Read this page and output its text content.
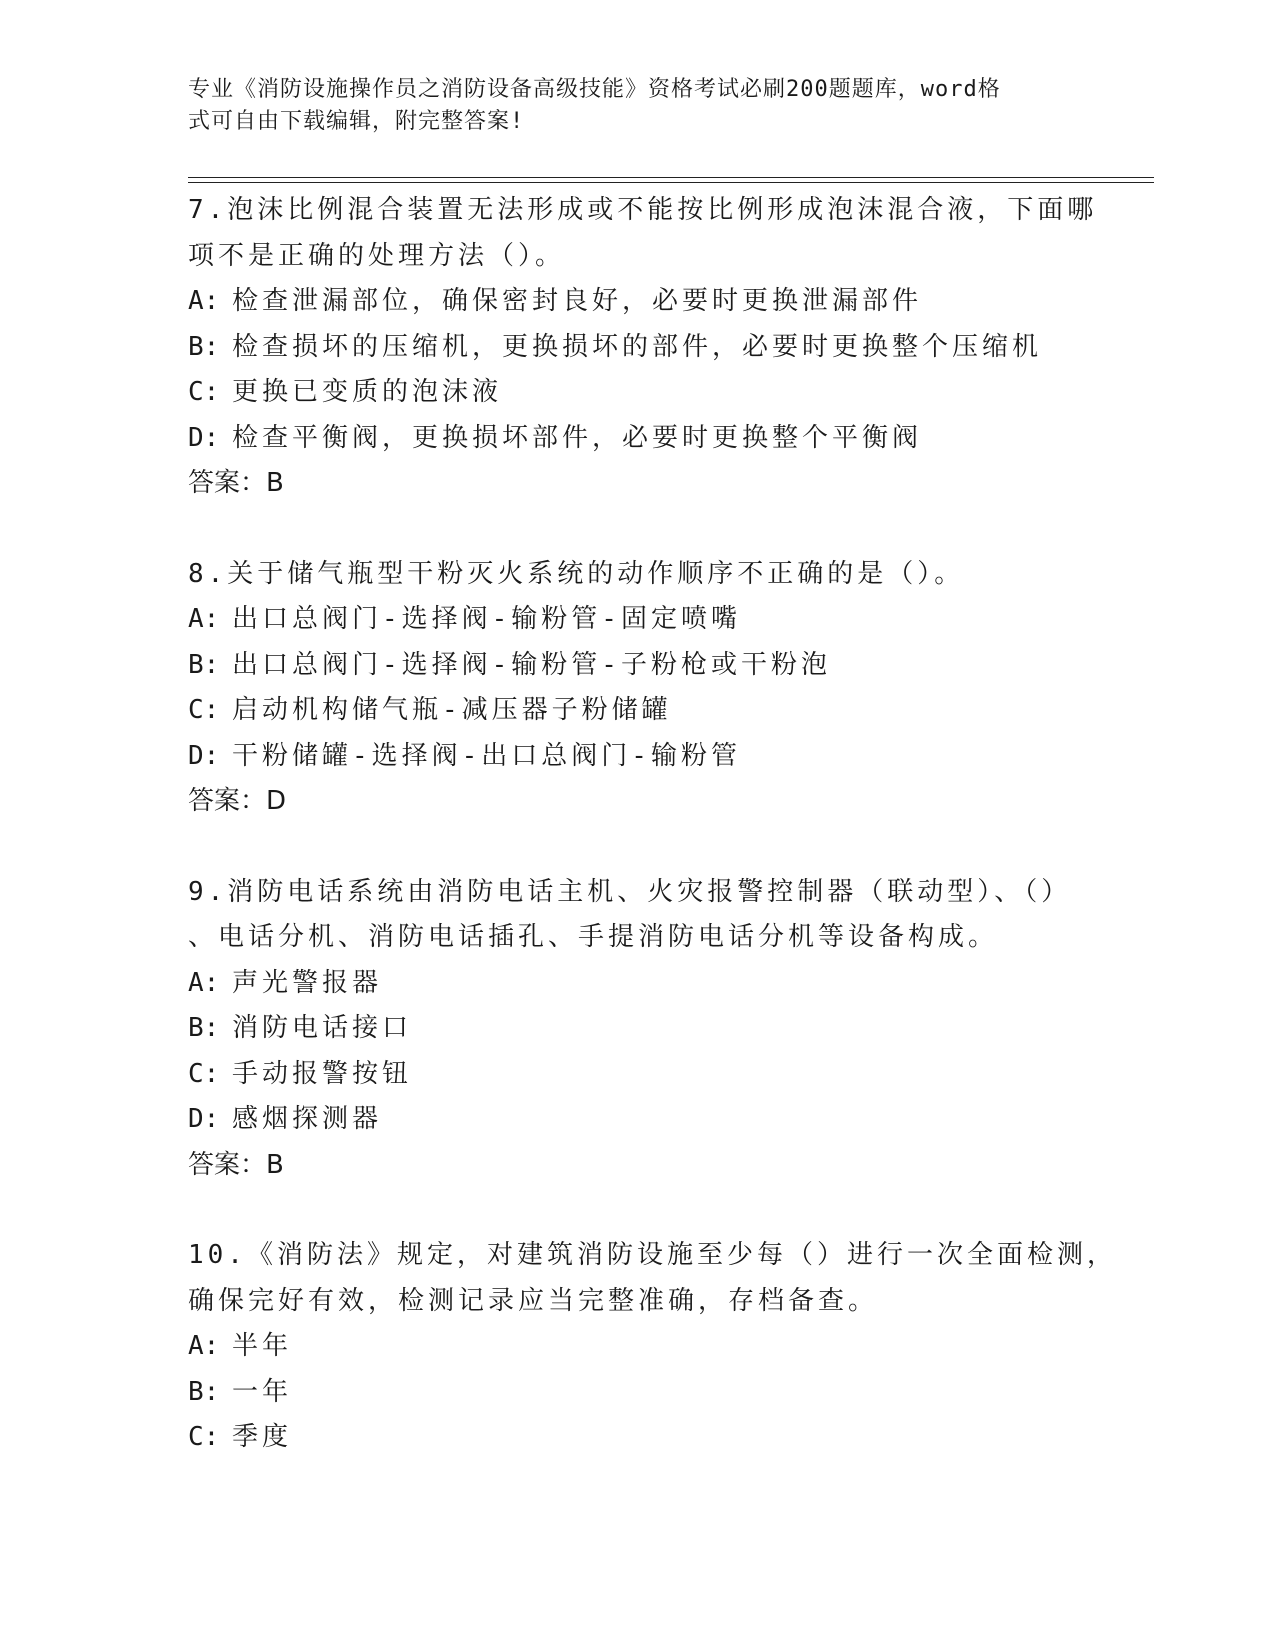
专业《消防设施操作员之消防设备高级技能》资格考试必刷200题题库，word格
式可自由下载编辑，附完整答案!
7.泡沫比例混合装置无法形成或不能按比例形成泡沫混合液，下面哪
项不是正确的处理方法（）。
A: 检查泄漏部位，确保密封良好，必要时更换泄漏部件
B: 检查损坏的压缩机，更换损坏的部件，必要时更换整个压缩机
C: 更换已变质的泡沫液
D: 检查平衡阀，更换损坏部件，必要时更换整个平衡阀
答案：B
8.关于储气瓶型干粉灭火系统的动作顺序不正确的是（）。
A: 出口总阀门-选择阀-输粉管-固定喷嘴
B: 出口总阀门-选择阀-输粉管-子粉枪或干粉泡
C: 启动机构储气瓶-减压器子粉储罐
D: 干粉储罐-选择阀-出口总阀门-输粉管
答案：D
9.消防电话系统由消防电话主机、火灾报警控制器（联动型）、（）
、电话分机、消防电话插孔、手提消防电话分机等设备构成。
A: 声光警报器
B: 消防电话接口
C: 手动报警按钮
D: 感烟探测器
答案：B
10.《消防法》规定，对建筑消防设施至少每（）进行一次全面检测，
确保完好有效，检测记录应当完整准确，存档备查。
A: 半年
B: 一年
C: 季度
